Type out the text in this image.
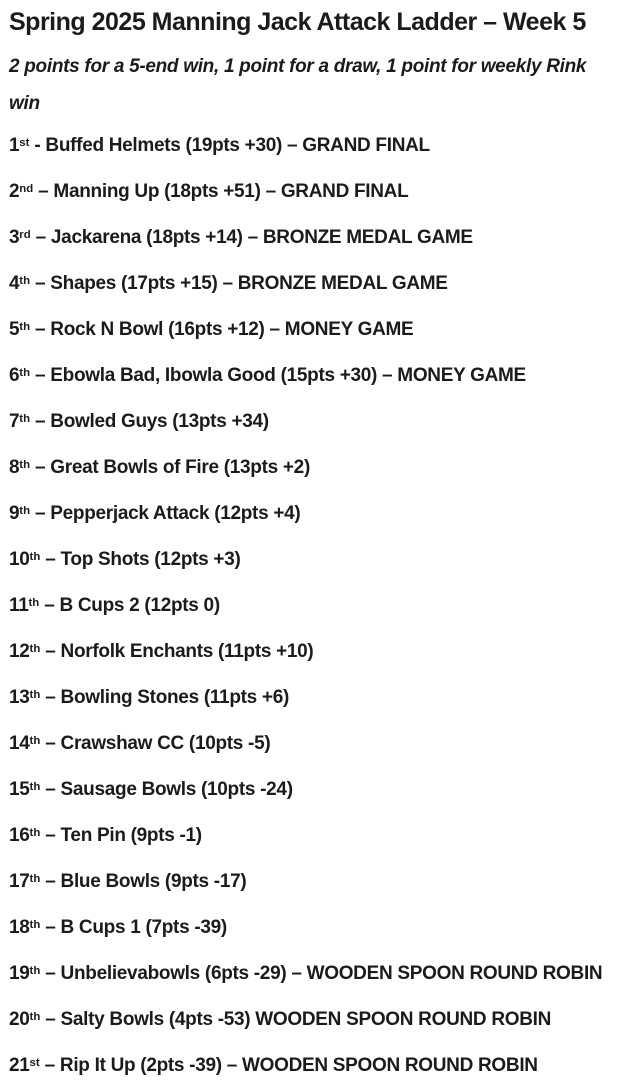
Spring 2025 Manning Jack Attack Ladder – Week 5
2 points for a 5-end win, 1 point for a draw, 1 point for weekly Rink
win

1st - Buffed Helmets (19pts +30) – GRAND FINAL

2nd – Manning Up (18pts +51) – GRAND FINAL

3rd – Jackarena (18pts +14) – BRONZE MEDAL GAME

4th – Shapes (17pts +15) – BRONZE MEDAL GAME

5th – Rock N Bowl (16pts +12) – MONEY GAME

6th – Ebowla Bad, Ibowla Good (15pts +30) – MONEY GAME

7th – Bowled Guys (13pts +34)

8th – Great Bowls of Fire (13pts +2)

9th – Pepperjack Attack (12pts +4)

10th – Top Shots (12pts +3)

11th – B Cups 2 (12pts 0)

12th – Norfolk Enchants (11pts +10)

13th – Bowling Stones (11pts +6)

14th – Crawshaw CC (10pts -5)

15th – Sausage Bowls (10pts -24)

16th – Ten Pin (9pts -1)

17th – Blue Bowls (9pts -17)

18th – B Cups 1 (7pts -39)

19th – Unbelievabowls (6pts -29) – WOODEN SPOON ROUND ROBIN

20th – Salty Bowls (4pts -53) WOODEN SPOON ROUND ROBIN

21st – Rip It Up (2pts -39) – WOODEN SPOON ROUND ROBIN
